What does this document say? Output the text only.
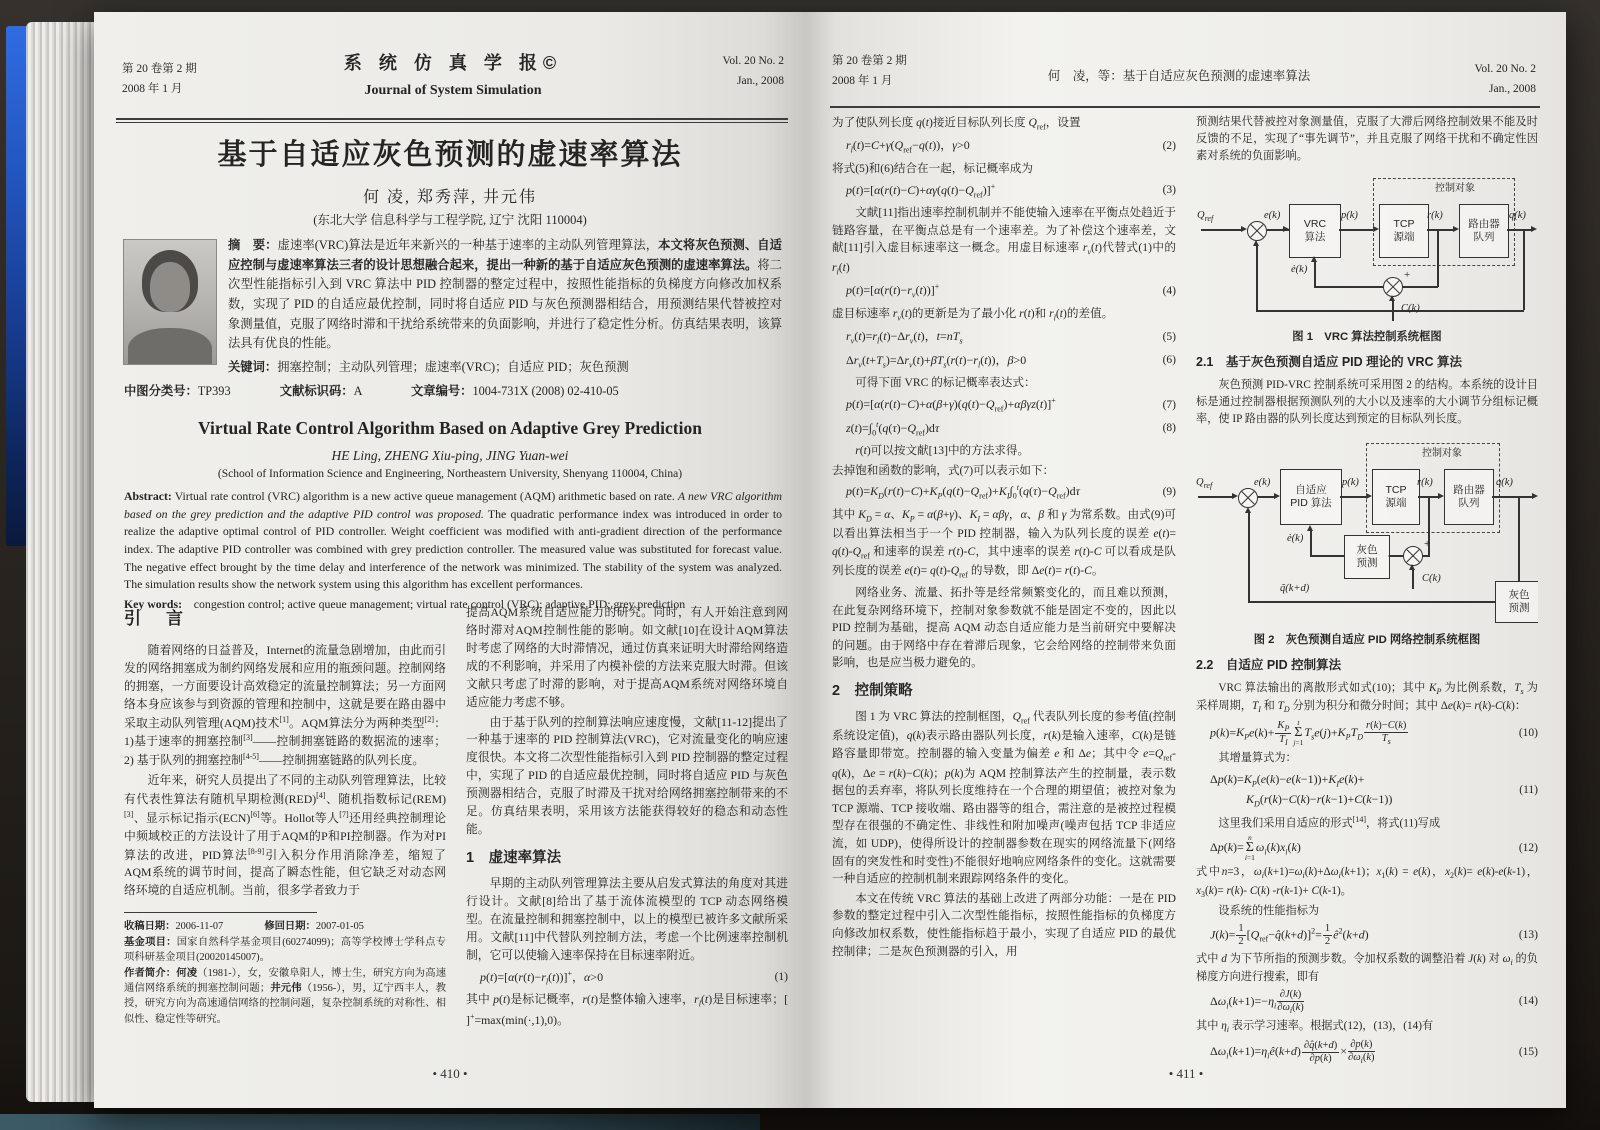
第 20 卷第 2 期
2008 年 1 月
系 统 仿 真 学 报©
Journal of System Simulation
Vol. 20 No. 2
Jan., 2008
基于自适应灰色预测的虚速率算法
何 凌, 郑秀萍, 井元伟
(东北大学 信息科学与工程学院, 辽宁 沈阳 110004)
摘　要：虚速率(VRC)算法是近年来新兴的一种基于速率的主动队列管理算法，本文将灰色预测、自适应控制与虚速率算法三者的设计思想融合起来，提出一种新的基于自适应灰色预测的虚速率算法。将二次型性能指标引入到 VRC 算法中 PID 控制器的整定过程中，按照性能指标的负梯度方向修改加权系数，实现了 PID 的自适应最优控制，同时将自适应 PID 与灰色预测器相结合，用预测结果代替被控对象测量值，克服了网络时滞和干扰给系统带来的负面影响，并进行了稳定性分析。仿真结果表明，该算法具有优良的性能。
关键词：拥塞控制；主动队列管理；虚速率(VRC)；自适应 PID；灰色预测
中图分类号：TP393　　　　文献标识码：A　　　　文章编号：1004-731X (2008) 02-410-05
Virtual Rate Control Algorithm Based on Adaptive Grey Prediction
HE Ling, ZHENG Xiu-ping, JING Yuan-wei
(School of Information Science and Engineering, Northeastern University, Shenyang 110004, China)
Abstract: Virtual rate control (VRC) algorithm is a new active queue management (AQM) arithmetic based on rate. A new VRC algorithm based on the grey prediction and the adaptive PID control was proposed. The quadratic performance index was introduced in order to realize the adaptive optimal control of PID controller. Weight coefficient was modified with anti-gradient direction of the performance index. The adaptive PID controller was combined with grey prediction controller. The measured value was substituted for forecast value. The negative effect brought by the time delay and interference of the network was minimized. The stability of the system was analyzed. The simulation results show the network system using this algorithm has excellent performances.
Key words:　congestion control; active queue management; virtual rate control (VRC); adaptive PID; grey prediction
引　言

随着网络的日益普及，Internet的流量急剧增加，由此而引发的网络拥塞成为制约网络发展和应用的瓶颈问题。控制网络的拥塞，一方面要设计高效稳定的流量控制算法；另一方面网络本身应该参与到资源的管理和控制中，这就是要在路由器中采取主动队列管理(AQM)技术[1]。AQM算法分为两种类型[2]：1)基于速率的拥塞控制[3]——控制拥塞链路的数据流的速率；2) 基于队列的拥塞控制[4-5]——控制拥塞链路的队列长度。

近年来，研究人员提出了不同的主动队列管理算法，比较有代表性算法有随机早期检测(RED)[4]、随机指数标记(REM)[3]、显示标记指示(ECN)[6]等。Hollot等人[7]还用经典控制理论中频域校正的方法设计了用于AQM的P和PI控制器。作为对PI算法的改进，PID算法[8-9]引入积分作用消除净差，缩短了AQM系统的调节时间，提高了瞬态性能，但它缺乏对动态网络环境的自适应机制。当前，很多学者致力于

收稿日期：2006-11-07　　　　修回日期：2007-01-05
基金项目：国家自然科学基金项目(60274099)；高等学校博士学科点专项科研基金项目(20020145007)。
作者简介：何凌（1981-），女，安徽阜阳人，博士生，研究方向为高速通信网络系统的拥塞控制问题；井元伟（1956-），男，辽宁西丰人，教授，研究方向为高速通信网络的控制问题，复杂控制系统的对称性、相似性、稳定性等研究。

提高AQM系统自适应能力的研究。同时，有人开始注意到网络时滞对AQM控制性能的影响。如文献[10]在设计AQM算法时考虑了网络的大时滞情况，通过仿真来证明大时滞给网络造成的不利影响，并采用了内模补偿的方法来克服大时滞。但该文献只考虑了时滞的影响，对于提高AQM系统对网络环境自适应能力考虑不够。

由于基于队列的控制算法响应速度慢，文献[11-12]提出了一种基于速率的 PID 控制算法(VRC)，它对流量变化的响应速度很快。本文将二次型性能指标引入到 PID 控制器的整定过程中，实现了 PID 的自适应最优控制，同时将自适应 PID 与灰色预测器相结合，克服了时滞及干扰对给网络拥塞控制带来的不足。仿真结果表明，采用该方法能获得较好的稳态和动态性能。

1　虚速率算法

早期的主动队列管理算法主要从启发式算法的角度对其进行设计。文献[8]给出了基于流体流模型的 TCP 动态网络模型。在流量控制和拥塞控制中，以上的模型已被许多文献所采用。文献[11]中代替队列控制方法，考虑一个比例速率控制机制，它可以使输入速率保持在目标速率附近。

$p(t)=[\alpha(r(t)-r_l(t))]^+$，α>0	(1)

其中 p(t)是标记概率，r(t)是整体输入速率，$r_l(t)$是目标速率；[ ]+=max(min(·,1),0)。

• 410 •
第 20 卷第 2 期
2008 年 1 月	何　凌，等：基于自适应灰色预测的虚速率算法	Vol. 20 No. 2
Jan., 2008

为了使队列长度 q(t)接近目标队列长度 $Q_{ref}$，设置

$r_l(t)=C+\gamma(Q_{ref}-q(t))$，γ>0	(2)

将式(5)和(6)结合在一起，标记概率成为

$p(t)=[\alpha(r(t)-C)+\alpha\gamma(q(t)-Q_{ref})]^+$	(3)

文献[11]指出速率控制机制并不能使输入速率在平衡点处趋近于链路容量，在平衡点总是有一个速率差。为了补偿这个速率差，文献[11]引入虚目标速率这一概念。用虚目标速率 $r_v(t)$代替式(1)中的 $r_l(t)$

$p(t)=[\alpha(r(t)-r_v(t))]^+$	(4)

虚目标速率 $r_v(t)$的更新是为了最小化 r(t)和 $r_l(t)$的差值。

$r_v(t)=r_l(t)-\Delta r_v(t)$，$t=nT_s$	(5)
$\Delta r_v(t+T_s)=\Delta r_v(t)+\beta T_s(r(t)-r_l(t))$，β>0	(6)

可得下面 VRC 的标记概率表达式：

$p(t)=[\alpha(r(t)-C)+\alpha(\beta+\gamma)(q(t)-Q_{ref})+\alpha\beta\gamma z(t)]^+$	(7)
$z(t)=\int_0^t(q(\tau)-Q_{ref})d\tau$	(8)

r(t)可以按文献[13]中的方法求得。

去掉饱和函数的影响，式(7)可以表示如下：

$p(t)=K_D(r(t)-C)+K_P(q(t)-Q_{ref})+K_I\int_0^t(q(\tau)-Q_{ref})d\tau$	(9)

其中 $K_D = \alpha$、$K_P = \alpha(\beta+\gamma)$、$K_I = \alpha\beta\gamma$，α、β 和 γ 为常系数。由式(9)可以看出算法相当于一个 PID 控制器，输入为队列长度的误差 $e(t)= q(t)-Q_{ref}$ 和速率的误差 r(t)-C，其中速率的误差 r(t)-C 可以看成是队列长度的误差 $e(t)= q(t)-Q_{ref}$ 的导数，即 Δe(t)= r(t)-C。

网络业务、流量、拓扑等是经常频繁变化的，而且难以预测，在此复杂网络环境下，控制对象参数就不能是固定不变的，因此以 PID 控制为基础，提高 AQM 动态自适应能力是当前研究中要解决的问题。由于网络中存在着滞后现象，它会给网络的控制带来负面影响，也是应当极力避免的。

2　控制策略

图 1 为 VRC 算法的控制框图，$Q_{ref}$ 代表队列长度的参考值(控制系统设定值)，q(k)表示路由器队列长度，r(k)是输入速率，C(k)是链路容量即带宽。控制器的输入变量为偏差 e 和 Δe；其中令 $e=Q_{ref}-q(k)$，Δe = r(k)−C(k)；p(k)为 AQM 控制算法产生的控制量，表示数据包的丢弃率，将队列长度维持在一个合理的期望值；被控对象为 TCP 源端、TCP 接收端、路由器等的组合，需注意的是被控过程模型存在很强的不确定性、非线性和附加噪声(噪声包括 TCP 非适应流，如 UDP)，使得所设计的控制器参数在现实的网络流量下(网络固有的突发性和时变性)不能很好地响应网络条件的变化。这就需要一种自适应的控制机制来跟踪网络条件的变化。

本文在传统 VRC 算法的基础上改进了两部分功能：一是在 PID 参数的整定过程中引入二次型性能指标，按照性能指标的负梯度方向修改加权系数，使性能指标趋于最小，实现了自适应 PID 的最优控制律；二是灰色预测器的引入，用

预测结果代替被控对象测量值，克服了大滞后网络控制效果不能及时反馈的不足，实现了“事先调节”，并且克服了网络干扰和不确定性因素对系统的负面影响。

$Q_{ref}$	e(k)
VRC
算法
p(k)
控制对象
TCP
源端
r(k)
路由器
队列
q(k)
+
ė(k)
C(k)
图 1　VRC 算法控制系统框图
2.1　基于灰色预测自适应 PID 理论的 VRC 算法

灰色预测 PID-VRC 控制系统可采用图 2 的结构。本系统的设计目标是通过控制器根据预测队列的大小以及速率的大小调节分组标记概率，使 IP 路由器的队列长度达到预定的目标队列长度。

$Q_{ref}$	e(k)
自适应
PID 算法
p(k)
控制对象
TCP
源端
r(k)
路由器
队列
q(k)
灰色
预测
q̃(k+d)
+
灰色
预测
ė(k)
C(k)
图 2　灰色预测自适应 PID 网络控制系统框图
2.2　自适应 PID 控制算法

VRC 算法输出的离散形式如式(10)；其中 $K_P$ 为比例系数，$T_s$ 为采样周期，$T_I$ 和 $T_D$ 分别为积分和微分时间；其中 Δe(k)= r(k)-C(k)：

$p(k)=K_Pe(k)+ \frac{K_P}{T_I}$ t
Σ
j=1
$T_se(j)+K_PT_D \frac{r(k)-C(k)}{T_s}$	(10)

其增量算式为：

$\Delta p(k)=K_P(e(k)-e(k-1))+K_Ie(k)+$
　　　$K_D(r(k)-C(k)-r(k-1)+C(k-1))$
(11)

这里我们采用自适应的形式[14]，将式(11)写成

Δp(k)=
n
Σ
i=1
$\omega_i(k)x_i(k)$	(12)

式中n=3，$\omega_i(k+1)=\omega_i(k)+\Delta\omega_i(k+1)$；$x_1(k) = e(k)$，$x_2(k)= e(k)-e(k-1)$，$x_3(k)= r(k)-$ C(k) -r(k-1)+ C(k-1)。

设系统的性能指标为

$J(k)= \frac{1}{2}$ $[Q_{ref}-q̂(k+d)]^2= \frac{1}{2}$ $ê^2(k+d)$	(13)

式中 d 为下节所指的预测步数。令加权系数的调整沿着 J(k) 对 $\omega_i$ 的负梯度方向进行搜索，即有

$\Delta\omega_i(k+1)=-\eta_i \frac{\partial J(k)}{\partial\omega_i(k)}$	(14)

其中 $\eta_i$ 表示学习速率。根据式(12)，(13)，(14)有

$\Delta\omega_i(k+1)=\eta_iê(k+d) \frac{\partial q̂(k+d)}{\partial p(k)} \times \frac{\partial p(k)}{\partial\omega_i(k)}$	(15)
• 411 •
